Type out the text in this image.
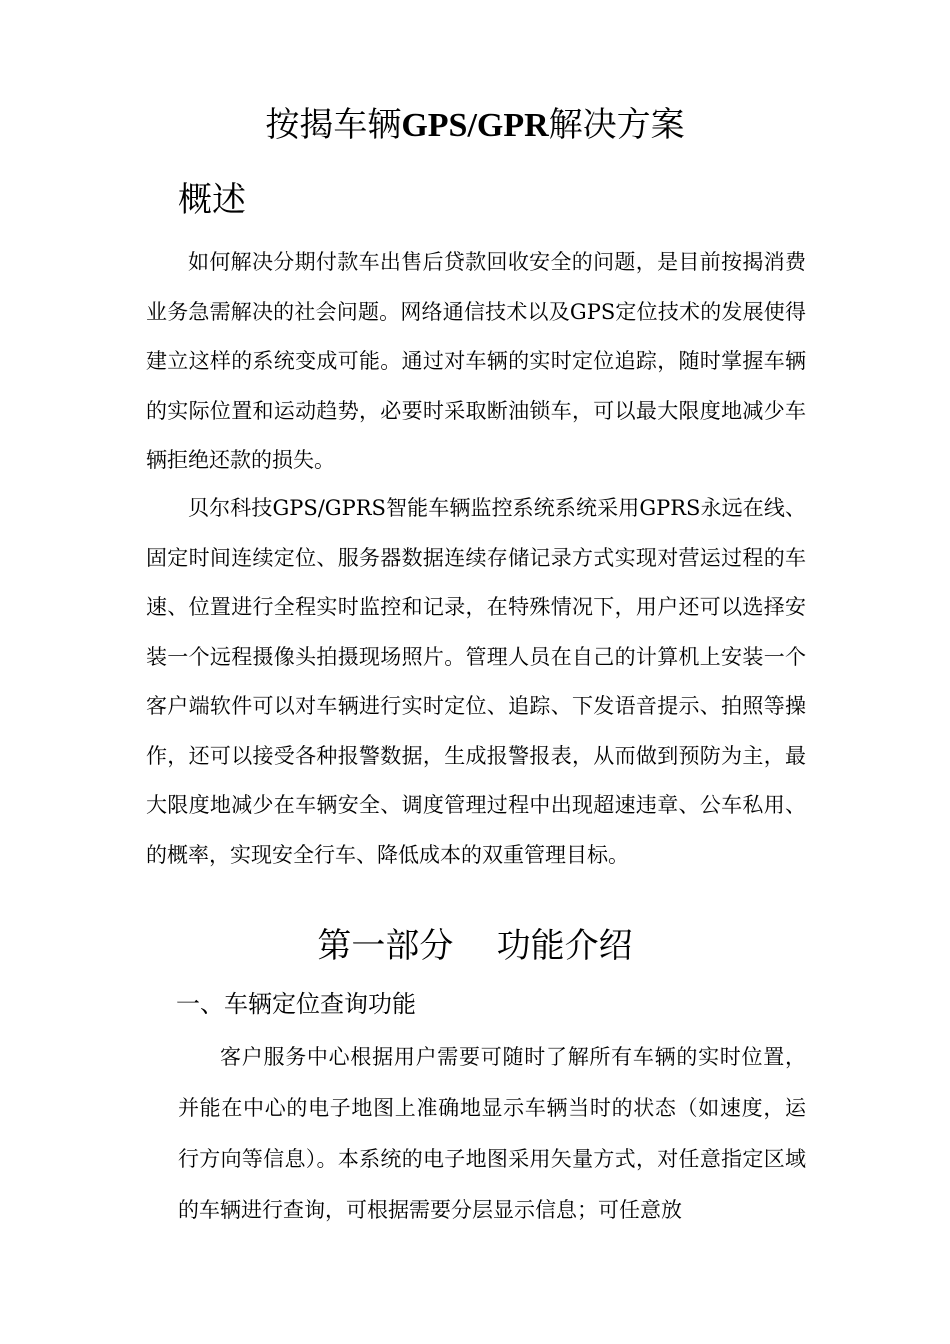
按揭车辆GPS/GPR解决方案
概述

如何解决分期付款车出售后贷款回收安全的问题，是目前按揭消费业务急需解决的社会问题。网络通信技术以及GPS定位技术的发展使得建立这样的系统变成可能。通过对车辆的实时定位追踪，随时掌握车辆的实际位置和运动趋势，必要时采取断油锁车，可以最大限度地减少车辆拒绝还款的损失。

贝尔科技GPS/GPRS智能车辆监控系统系统采用GPRS永远在线、固定时间连续定位、服务器数据连续存储记录方式实现对营运过程的车速、位置进行全程实时监控和记录，在特殊情况下，用户还可以选择安装一个远程摄像头拍摄现场照片。管理人员在自己的计算机上安装一个客户端软件可以对车辆进行实时定位、追踪、下发语音提示、拍照等操作，还可以接受各种报警数据，生成报警报表，从而做到预防为主，最大限度地减少在车辆安全、调度管理过程中出现超速违章、公车私用、的概率，实现安全行车、降低成本的双重管理目标。

第一部分    功能介绍
一、车辆定位查询功能

客户服务中心根据用户需要可随时了解所有车辆的实时位置，并能在中心的电子地图上准确地显示车辆当时的状态（如速度，运行方向等信息）。本系统的电子地图采用矢量方式，对任意指定区域的车辆进行查询，可根据需要分层显示信息；可任意放
